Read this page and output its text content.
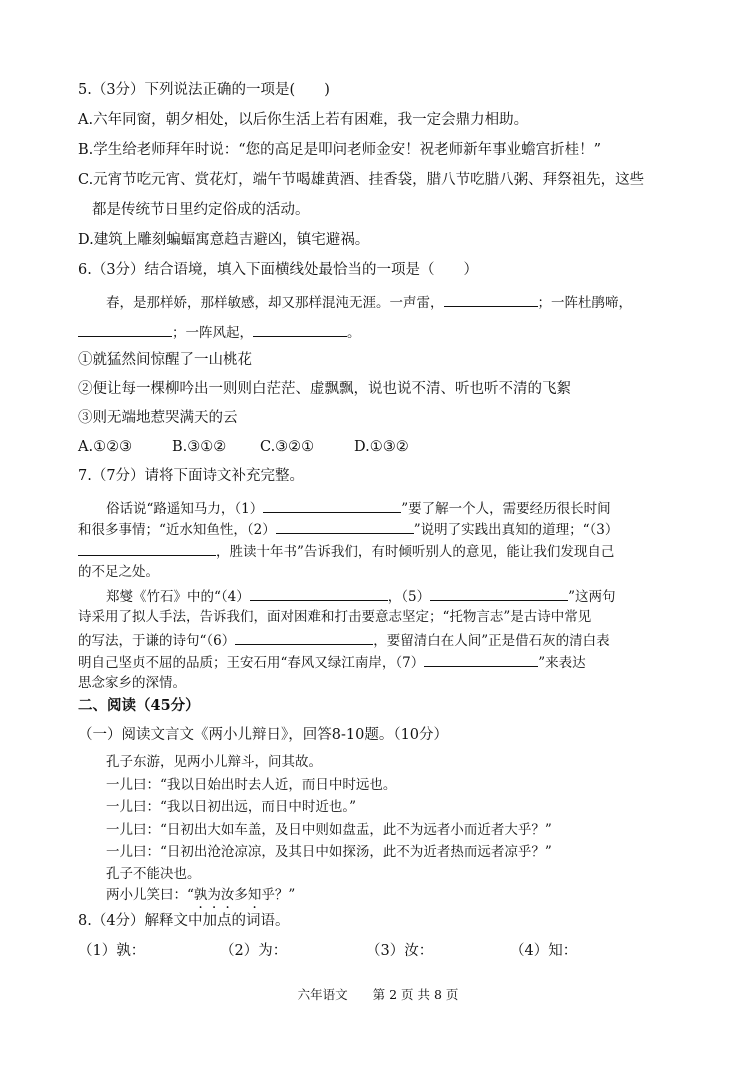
5.（3分）下列说法正确的一项是(　　)
A.六年同窗，朝夕相处，以后你生活上若有困难，我一定会鼎力相助。
B.学生给老师拜年时说：“您的高足是叩问老师金安！祝老师新年事业蟾宫折桂！”
C.元宵节吃元宵、赏花灯，端午节喝雄黄酒、挂香袋，腊八节吃腊八粥、拜祭祖先，这些
都是传统节日里约定俗成的活动。
D.建筑上雕刻蝙蝠寓意趋吉避凶，镇宅避祸。
6.（3分）结合语境，填入下面横线处最恰当的一项是（　　）
春，是那样娇，那样敏感，却又那样混沌无涯。一声雷，	；一阵杜鹃啼，
；一阵风起，	。
①就猛然间惊醒了一山桃花
②便让每一棵柳吟出一则则白茫茫、虚飘飘，说也说不清、听也听不清的飞絮
③则无端地惹哭满天的云
A.①②③	B.③①② C.③②①	D.①③②
7.（7分）请将下面诗文补充完整。
俗话说“路遥知马力，（1）	”要了解一个人，需要经历很长时间
和很多事情；“近水知鱼性，（2）	”说明了实践出真知的道理；“（3）
，胜读十年书”告诉我们，有时倾听别人的意见，能让我们发现自己
的不足之处。
郑燮《竹石》中的“（4）	，（5）	”这两句
诗采用了拟人手法，告诉我们，面对困难和打击要意志坚定；“托物言志”是古诗中常见
的写法，于谦的诗句“（6）	，要留清白在人间”正是借石灰的清白表
明自己坚贞不屈的品质；王安石用“春风又绿江南岸，（7）	”来表达
思念家乡的深情。
二、阅读（45分）
（一）阅读文言文《两小儿辩日》，回答8-10题。（10分）
孔子东游，见两小儿辩斗，问其故。
一儿曰：“我以日始出时去人近，而日中时远也。
一儿曰：“我以日初出远，而日中时近也。”
一儿曰：“日初出大如车盖，及日中则如盘盂，此不为远者小而近者大乎？”
一儿曰：“日初出沧沧凉凉，及其日中如探汤，此不为近者热而远者凉乎？”
孔子不能决也。
两小儿笑曰：“孰为汝多知乎？”
8.（4分）解释文中加点的词语。
（1）孰：	（2）为：	（3）汝：	（4）知：
六年语文　　第 2 页 共 8 页
